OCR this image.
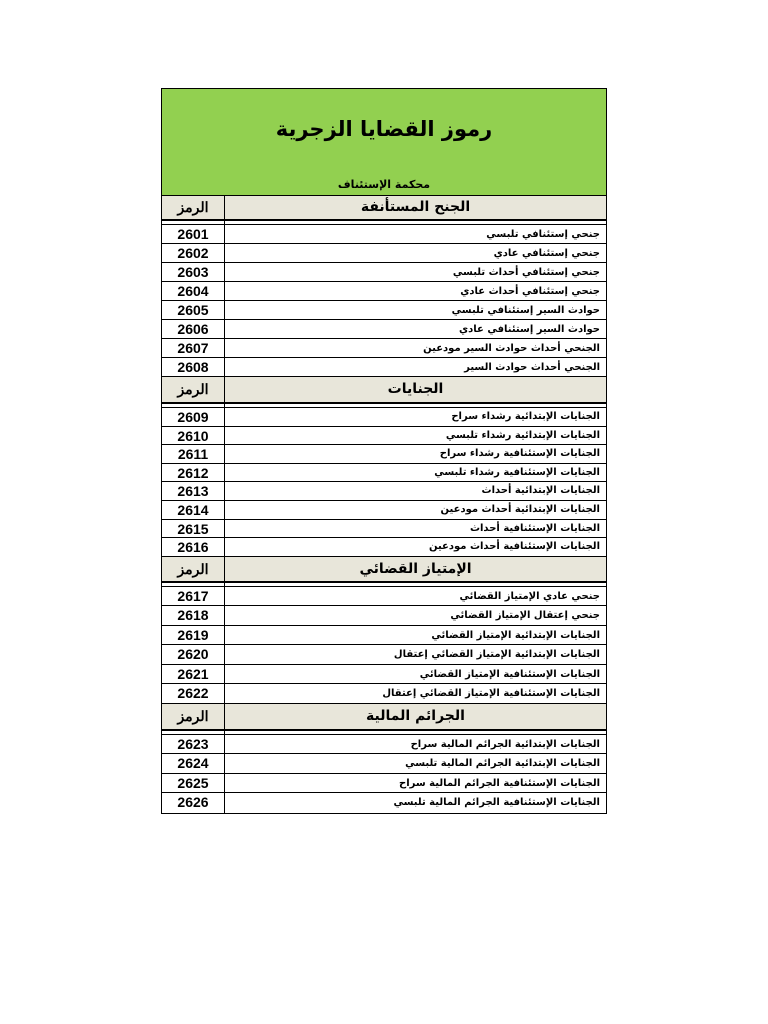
رموز القضايا الزجرية
محكمة الإستئناف
الرمز	الجنح المستأنفة
2601	جنحي إستئنافي تلبسي
2602	جنحي إستئنافي عادي
2603	جنحي إستئنافي أحداث تلبسي
2604	جنحي إستئنافي أحداث عادي
2605	حوادث السير إستئنافي تلبسي
2606	حوادث السير إستئنافي عادي
2607	الجنحي أحداث حوادث السير مودعين
2608	الجنحي أحداث حوادث السير
الرمز	الجنايات
2609	الجنايات الإبتدائية رشداء سراح
2610	الجنايات الإبتدائية رشداء تلبسي
2611	الجنايات الإستئنافية رشداء سراح
2612	الجنايات الإستئنافية رشداء تلبسي
2613	الجنايات الإبتدائية أحداث
2614	الجنايات الإبتدائية أحداث مودعين
2615	الجنايات الإستئنافية أحداث
2616	الجنايات الإستئنافية أحداث مودعين
الرمز	الإمتياز القضائي
2617	جنحي عادي الإمتياز القضائي
2618	جنحي إعتقال الإمتياز القضائي
2619	الجنايات الإبتدائية الإمتياز القضائي
2620	الجنايات الإبتدائية الإمتياز القضائي إعتقال
2621	الجنايات الإستئنافية الإمتياز القضائي
2622	الجنايات الإستئنافية الإمتياز القضائي إعتقال
الرمز	الجرائم المالية
2623	الجنايات الإبتدائية الجرائم المالية سراح
2624	الجنايات الإبتدائية الجرائم المالية تلبسي
2625	الجنايات الإستئنافية الجرائم المالية سراح
2626	الجنايات الإستئنافية الجرائم المالية تلبسي
